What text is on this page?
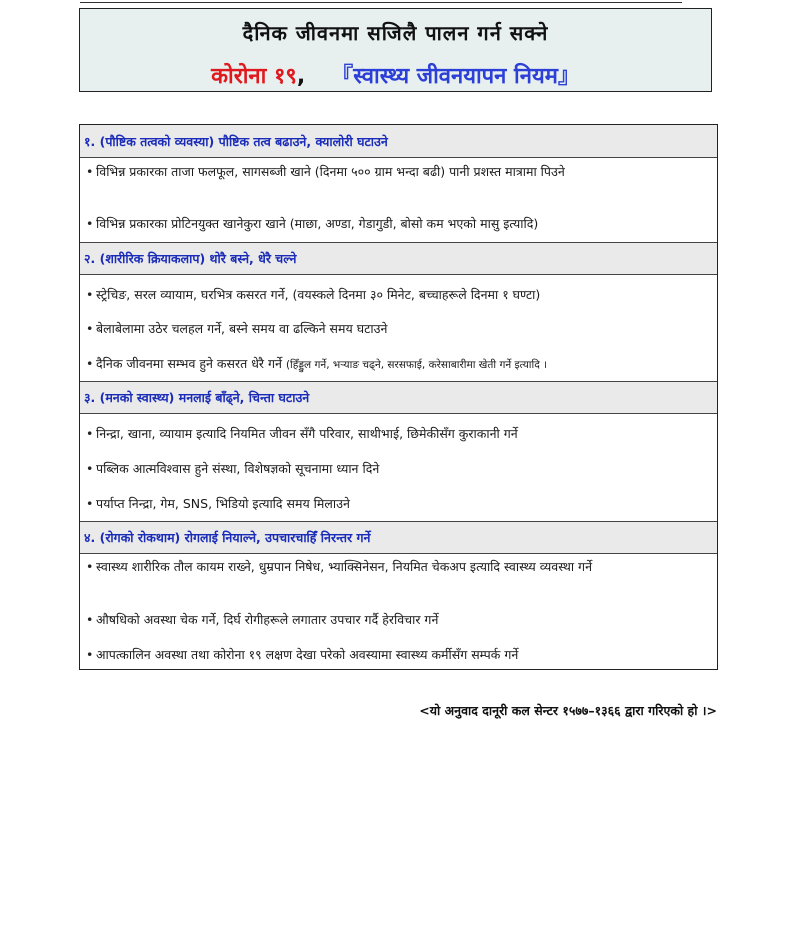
दैनिक जीवनमा सजिलै पालन गर्न सक्ने
कोरोना १९, 『स्वास्थ्य जीवनयापन नियम』
१. (पौष्टिक तत्वको व्यवस्या) पौष्टिक तत्व बढाउने, क्यालोरी घटाउने
• विभिन्न प्रकारका ताजा फलफूल, सागसब्जी खाने (दिनमा ५०० ग्राम भन्दा बढी) पानी प्रशस्त मात्रामा पिउने
• विभिन्न प्रकारका प्रोटिनयुक्त खानेकुरा खाने (माछा, अण्डा, गेडागुडी, बोसो कम भएको मासु इत्यादि)
२. (शारीरिक क्रियाकलाप) थोरै बस्ने, धेरै चल्ने
• स्ट्रेचिङ, सरल व्यायाम, घरभित्र कसरत गर्ने, (वयस्कले दिनमा ३० मिनेट, बच्चाहरूले दिनमा १ घण्टा)
• बेलाबेलामा उठेर चलहल गर्ने, बस्ने समय वा ढल्किने समय घटाउने
• दैनिक जीवनमा सम्भव हुने कसरत धेरै गर्ने (हिँड्डुल गर्ने, भऱ्याङ चढ्ने, सरसफाई, करेसाबारीमा खेती गर्ने इत्यादि ।
३. (मनको स्वास्थ्य) मनलाई बाँढ्ने, चिन्ता घटाउने
• निन्द्रा, खाना, व्यायाम इत्यादि नियमित जीवन सँगै परिवार, साथीभाई, छिमेकीसँग कुराकानी गर्ने
• पब्लिक आत्मविश्वास हुने संस्था, विशेषज्ञको सूचनामा ध्यान दिने
• पर्याप्त निन्द्रा, गेम, SNS, भिडियो इत्यादि समय मिलाउने
४. (रोगको रोकथाम) रोगलाई नियाल्ने, उपचारचाहिँ निरन्तर गर्ने
• स्वास्थ्य शारीरिक तौल कायम राख्ने, धुम्रपान निषेध, भ्याक्सिनेसन, नियमित चेकअप इत्यादि स्वास्थ्य व्यवस्था गर्ने
• औषधिको अवस्था चेक गर्ने, दिर्घ रोगीहरूले लगातार उपचार गर्दै हेरविचार गर्ने
• आपत्कालिन अवस्था तथा कोरोना १९ लक्षण देखा परेको अवस्यामा स्वास्थ्य कर्मीसँग सम्पर्क गर्ने
<यो अनुवाद दानूरी कल सेन्टर १५७७–१३६६ द्वारा गरिएको हो ।>
